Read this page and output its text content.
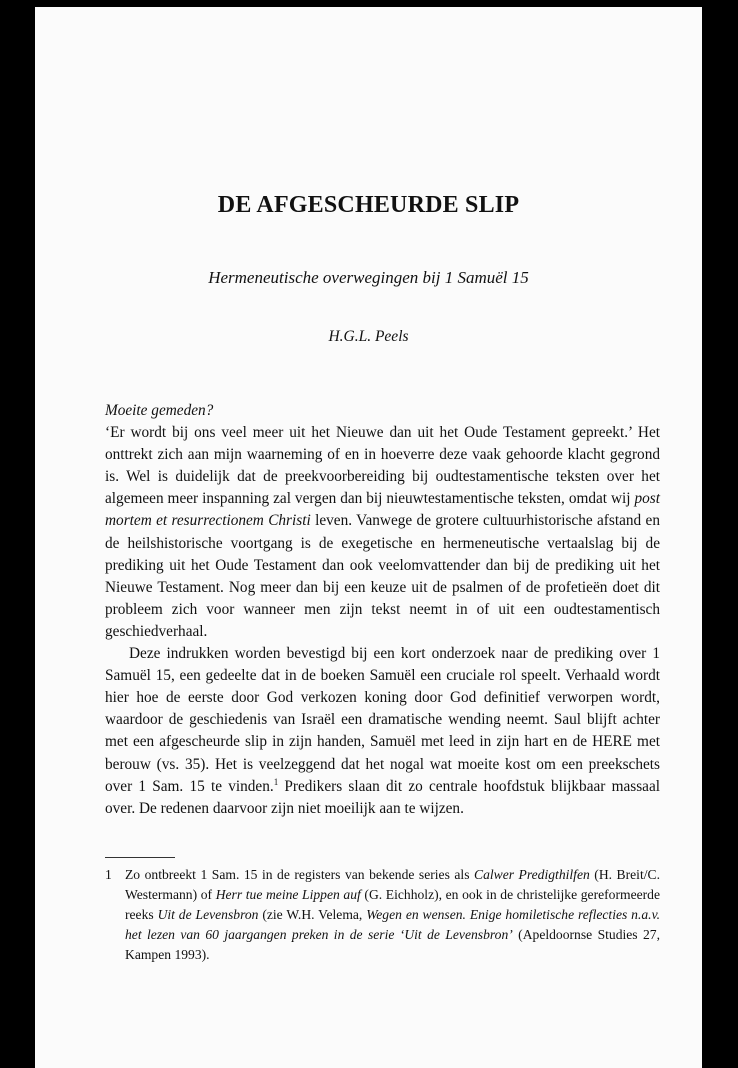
DE AFGESCHEURDE SLIP

Hermeneutische overwegingen bij 1 Samuël 15

H.G.L. Peels

Moeite gemeden?

‘Er wordt bij ons veel meer uit het Nieuwe dan uit het Oude Testament gepreekt.’ Het onttrekt zich aan mijn waarneming of en in hoeverre deze vaak gehoorde klacht gegrond is. Wel is duidelijk dat de preekvoorbereiding bij oudtestamentische teksten over het algemeen meer inspanning zal vergen dan bij nieuwtestamentische teksten, omdat wij post mortem et resurrectionem Christi leven. Vanwege de grotere cultuurhistorische afstand en de heilshistorische voortgang is de exegetische en hermeneutische vertaalslag bij de prediking uit het Oude Testament dan ook veelomvattender dan bij de prediking uit het Nieuwe Testament. Nog meer dan bij een keuze uit de psalmen of de profetieën doet dit probleem zich voor wanneer men zijn tekst neemt in of uit een oudtestamentisch geschiedverhaal.

Deze indrukken worden bevestigd bij een kort onderzoek naar de prediking over 1 Samuël 15, een gedeelte dat in de boeken Samuël een cruciale rol speelt. Verhaald wordt hier hoe de eerste door God verkozen koning door God definitief verworpen wordt, waardoor de geschiedenis van Israël een dramatische wending neemt. Saul blijft achter met een afgescheurde slip in zijn handen, Samuël met leed in zijn hart en de HERE met berouw (vs. 35). Het is veelzeggend dat het nogal wat moeite kost om een preekschets over 1 Sam. 15 te vinden.$^1$ Predikers slaan dit zo centrale hoofdstuk blijkbaar massaal over. De redenen daarvoor zijn niet moeilijk aan te wijzen.

1 Zo ontbreekt 1 Sam. 15 in de registers van bekende series als Calwer Predigthilfen (H. Breit/C. Westermann) of Herr tue meine Lippen auf (G. Eichholz), en ook in de christelijke gereformeerde reeks Uit de Levensbron (zie W.H. Velema, Wegen en wensen. Enige homiletische reflecties n.a.v. het lezen van 60 jaargangen preken in de serie ‘Uit de Levensbron’ (Apeldoornse Studies 27, Kampen 1993).
